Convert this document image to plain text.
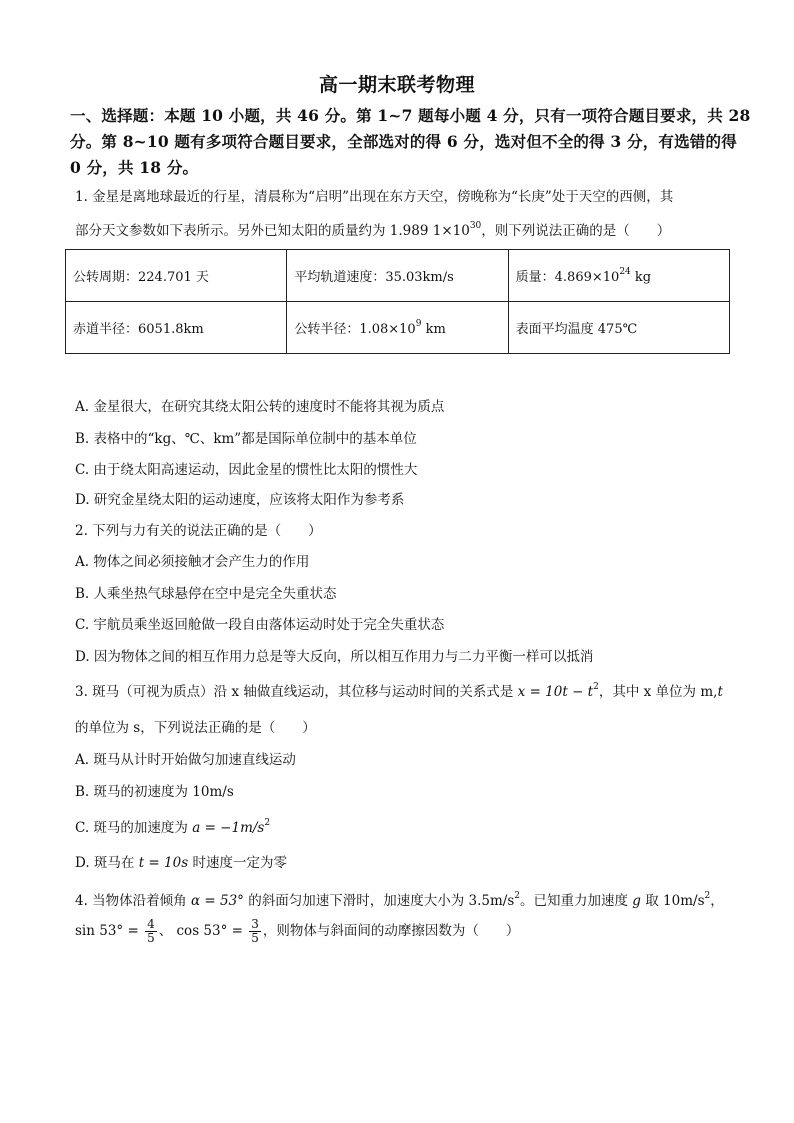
高一期末联考物理
一、选择题：本题 10 小题，共 46 分。第 1~7 题每小题 4 分，只有一项符合题目要求，共 28
分。第 8~10 题有多项符合题目要求，全部选对的得 6 分，选对但不全的得 3 分，有选错的得
0 分，共 18 分。
1. 金星是离地球最近的行星，清晨称为“启明”出现在东方天空，傍晚称为“长庚”处于天空的西侧，其
部分天文参数如下表所示。另外已知太阳的质量约为 1.989 $1\times 10^{30}$，则下列说法正确的是（　　）
公转周期：224.701 天	平均轨道速度：35.03km/s	质量：$4.869\times 10^{24}$ kg
赤道半径：6051.8km	公转半径：$1.08\times 10^9$ km	表面平均温度 475℃
A. 金星很大，在研究其绕太阳公转的速度时不能将其视为质点
B. 表格中的“kg、℃、km”都是国际单位制中的基本单位
C. 由于绕太阳高速运动，因此金星的惯性比太阳的惯性大
D. 研究金星绕太阳的运动速度，应该将太阳作为参考系
2. 下列与力有关的说法正确的是（　　）
A. 物体之间必须接触才会产生力的作用
B. 人乘坐热气球悬停在空中是完全失重状态
C. 宇航员乘坐返回舱做一段自由落体运动时处于完全失重状态
D. 因为物体之间的相互作用力总是等大反向，所以相互作用力与二力平衡一样可以抵消
3. 斑马（可视为质点）沿 x 轴做直线运动，其位移与运动时间的关系式是 $x = 10t - t^2$，其中 x 单位为 m,t
的单位为 s，下列说法正确的是（　　）
A. 斑马从计时开始做匀加速直线运动
B. 斑马的初速度为 10m/s
C. 斑马的加速度为 $a = -1m/s^2$
D. 斑马在 t = 10s 时速度一定为零
4. 当物体沿着倾角 α = 53° 的斜面匀加速下滑时，加速度大小为 $3.5m/s^2$。已知重力加速度 g 取 $10m/s^2$，
$\sin 53^\circ = \frac{4}{5}$ 、 $\cos 53^\circ = \frac{3}{5}$ ，则物体与斜面间的动摩擦因数为（　　）
